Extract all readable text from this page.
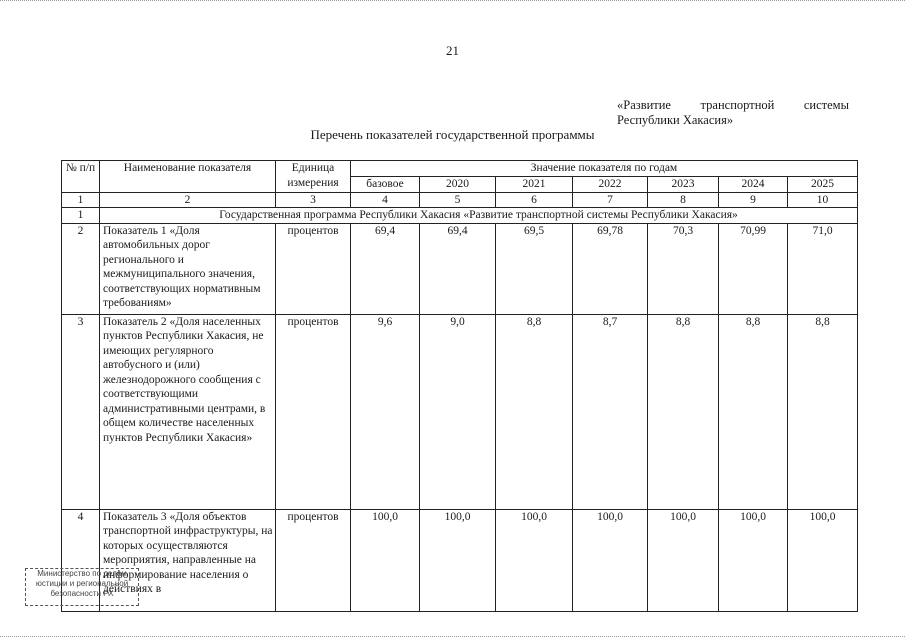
21
«Развитие транспортной системы
Республики Хакасия»
Перечень показателей государственной программы
№ п/п	Наименование показателя	Единица измерения	Значение показателя по годам						
			базовое	2020	2021	2022	2023	2024	2025
1	2	3	4	5	6	7	8	9	10
1	Государственная программа Республики Хакасия «Развитие транспортной системы Республики Хакасия»								
2	Показатель 1 «Доля автомобильных дорог регионального и межмуниципального значения, соответствующих нормативным требованиям»	процентов	69,4	69,4	69,5	69,78	70,3	70,99	71,0
3	Показатель 2 «Доля населенных пунктов Республики Хакасия, не имеющих регулярного автобусного и (или) железнодорожного сообщения с соответствующими административными центрами, в общем количестве населенных пунктов Республики Хакасия»	процентов	9,6	9,0	8,8	8,7	8,8	8,8	8,8
4	Показатель 3 «Доля объектов транспортной инфраструктуры, на которых осуществляются мероприятия, направленные на информирование населения о действиях в	процентов	100,0	100,0	100,0	100,0	100,0	100,0	100,0
Министерство по делам
юстиции и региональной
безопасности РХ
